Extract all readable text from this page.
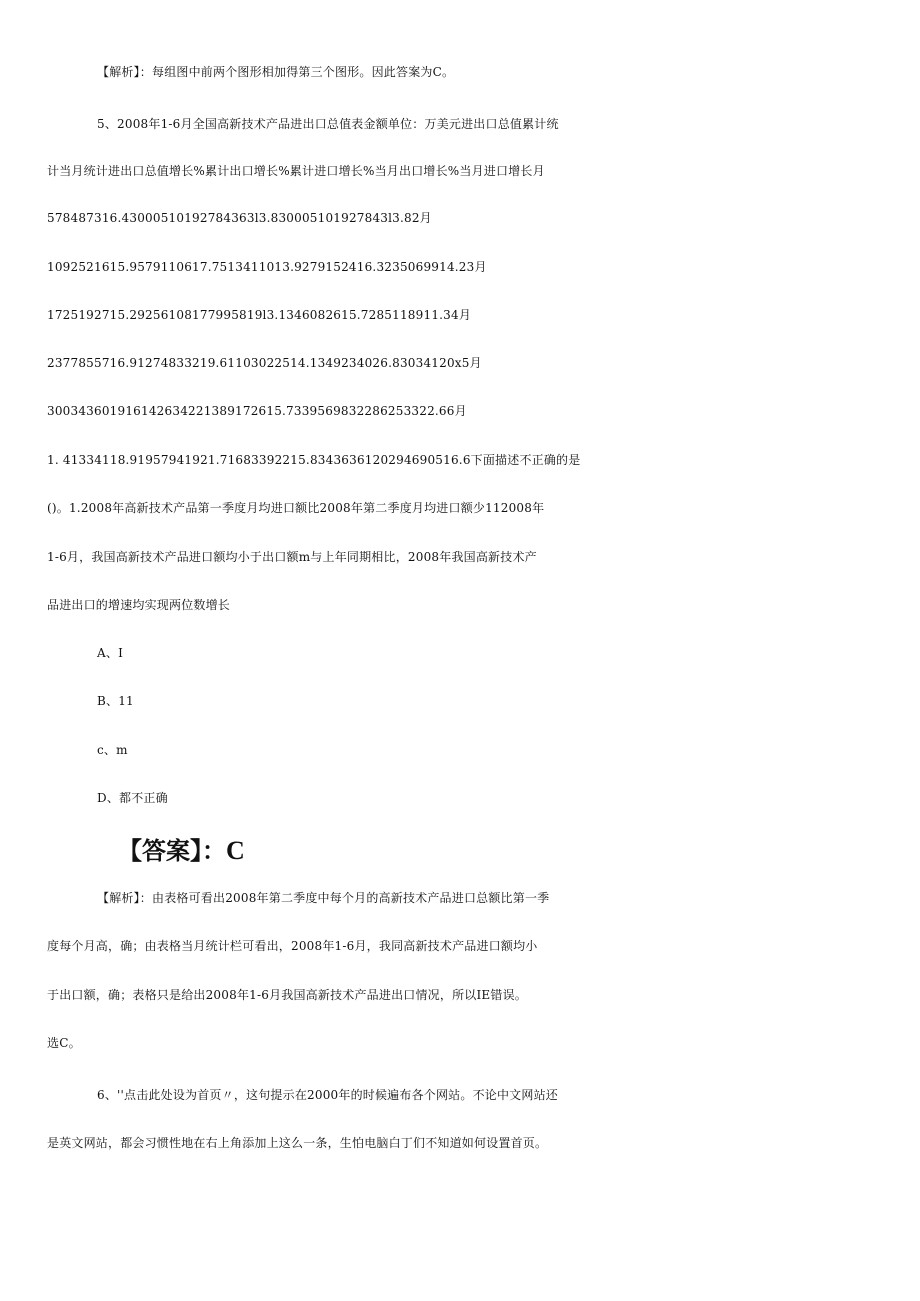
【解析】：每组图中前两个图形相加得第三个图形。因此答案为C。
5、2008年1-6月全国高新技术产品进出口总值表金额单位：万美元进出口总值累计统
计当月统计进出口总值增长%累计出口增长%累计进口增长%当月出口增长%当月进口增长月
578487316.43000510192784363l3.830005101927843l3.82月
1092521615.957911061​7.7513411013.9279152416.3235069914.23月
1725192715.29256108177995819l3.1346082615.7285118911.34月
2377855716.91274833219.61103022514.1349234026.83034120x5月
300343601916142634221389172615.7339569832286253322.66月
1. 41334118.91957941921.71683392215.834363612029469051​6.6下面描述不正确的是
()。1.2008年高新技术产品第一季度月均进口额比2008年第二季度月均进口额少112008年
1-6月，我国高新技术产品进口额均小于出口额m与上年同期相比，2008年我国高新技术产
品进出口的增速均实现两位数增长
A、I
B、11
c、m
D、都不正确
【答案】：C
【解析】：由表格可看出2008年第二季度中每个月的高新技术产品进口总额比第一季
度每个月高，确；由表格当月统计栏可看出，2008年1-6月，我同高新技术产品进口额均小
于出口额，确；表格只是给出2008年1-6月我国高新技术产品进出口情况，所以IE错误。
选C。
6、''点击此处设为首页〃，这句提示在2000年的时候遍布各个网站。不论中文网站还
是英文网站，都会习惯性地在右上角添加上这么一条，生怕电脑白丁们不知道如何设置首页。
